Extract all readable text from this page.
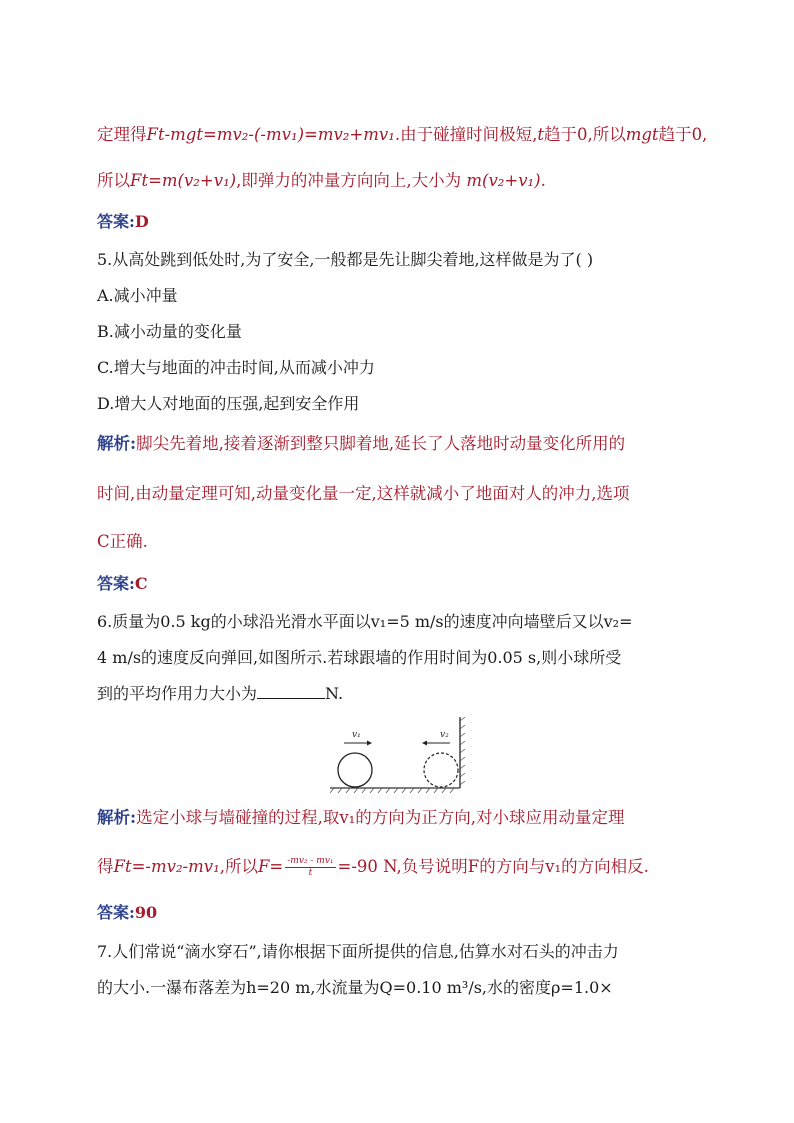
定理得Ft-mgt=mv₂-(-mv₁)=mv₂+mv₁.由于碰撞时间极短,t趋于0,所以mgt趋于0,
所以Ft=m(v₂+v₁),即弹力的冲量方向向上,大小为 m(v₂+v₁).
答案:D
5.从高处跳到低处时,为了安全,一般都是先让脚尖着地,这样做是为了( )
A.减小冲量
B.减小动量的变化量
C.增大与地面的冲击时间,从而减小冲力
D.增大人对地面的压强,起到安全作用
解析:脚尖先着地,接着逐渐到整只脚着地,延长了人落地时动量变化所用的
时间,由动量定理可知,动量变化量一定,这样就减小了地面对人的冲力,选项
C正确.
答案:C
6.质量为0.5 kg的小球沿光滑水平面以v₁=5 m/s的速度冲向墙壁后又以v₂=
4 m/s的速度反向弹回,如图所示.若球跟墙的作用时间为0.05 s,则小球所受
到的平均作用力大小为	N.
解析:选定小球与墙碰撞的过程,取v₁的方向为正方向,对小球应用动量定理
得Ft=-mv₂-mv₁,所以$F= \frac{\text{-mv₂ - mv₁}}{t} =-90$ N,负号说明F的方向与v₁的方向相反.
答案:90
7.人们常说“滴水穿石”,请你根据下面所提供的信息,估算水对石头的冲击力
的大小.一瀑布落差为h=20 m,水流量为Q=0.10 m³/s,水的密度ρ=1.0×
v₁	v₂
